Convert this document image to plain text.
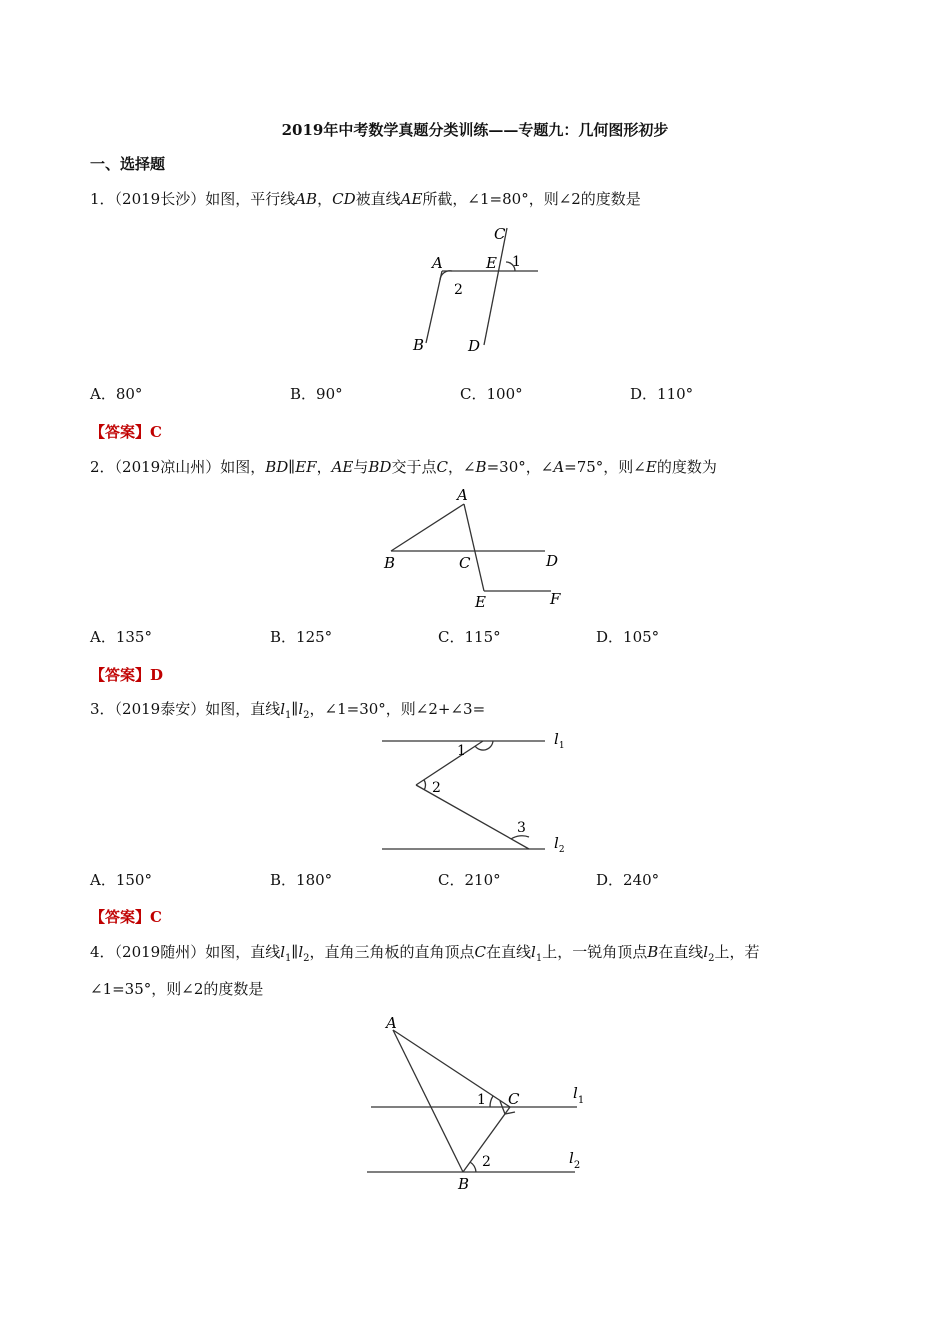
2019年中考数学真题分类训练——专题九：几何图形初步
一、选择题
1．（2019长沙）如图，平行线AB，CD被直线AE所截，∠1=80°，则∠2的度数是
A
B
C
D
E 1
2
A．80°	B．90°	C．100°	D．110°
【答案】C
2．（2019凉山州）如图，BD∥EF，AE与BD交于点C，∠B=30°，∠A=75°，则∠E的度数为
A
B	C	D
E	F
A．135°	B．125°	C．115°	D．105°
【答案】D
3．（2019泰安）如图，直线$l_1\parallel l_2$，∠1=30°，则∠2+∠3=
1
2
3
$l_1$
$l_2$
A．150°	B．180°	C．210°	D．240°
【答案】C
4．（2019随州）如图，直线$l_1\parallel l_2$，直角三角板的直角顶点C在直线$l_1$上，一锐角顶点B在直线$l_2$上，若
∠1=35°，则∠2的度数是
A
B
C
1
2
$l_1$
$l_2$
